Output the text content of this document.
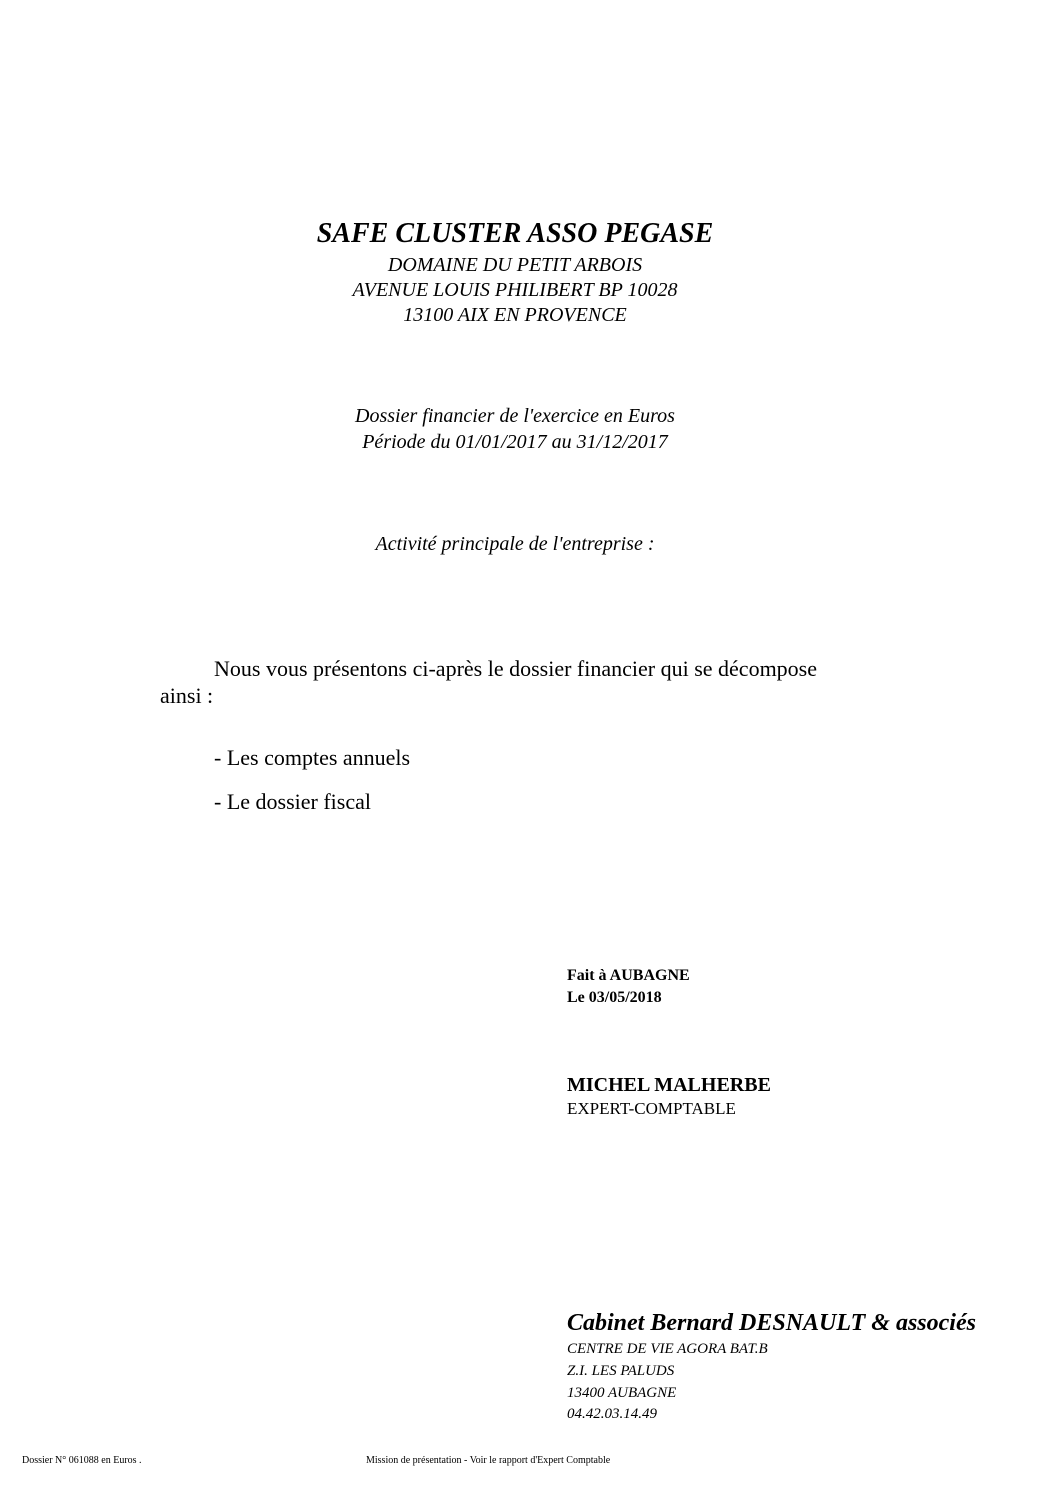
SAFE CLUSTER ASSO PEGASE
DOMAINE DU PETIT ARBOIS
AVENUE LOUIS PHILIBERT BP 10028
13100 AIX EN PROVENCE
Dossier financier de l'exercice en Euros
Période du 01/01/2017 au 31/12/2017
Activité principale de l'entreprise :
Nous vous présentons ci-après le dossier financier qui se décompose
ainsi :
- Les comptes annuels
- Le dossier fiscal
Fait à AUBAGNE
Le 03/05/2018
MICHEL MALHERBE
EXPERT-COMPTABLE
Cabinet Bernard DESNAULT & associés
CENTRE DE VIE AGORA BAT.B
Z.I. LES PALUDS
13400 AUBAGNE
04.42.03.14.49
Dossier N° 061088 en Euros .	Mission de présentation - Voir le rapport d'Expert Comptable
